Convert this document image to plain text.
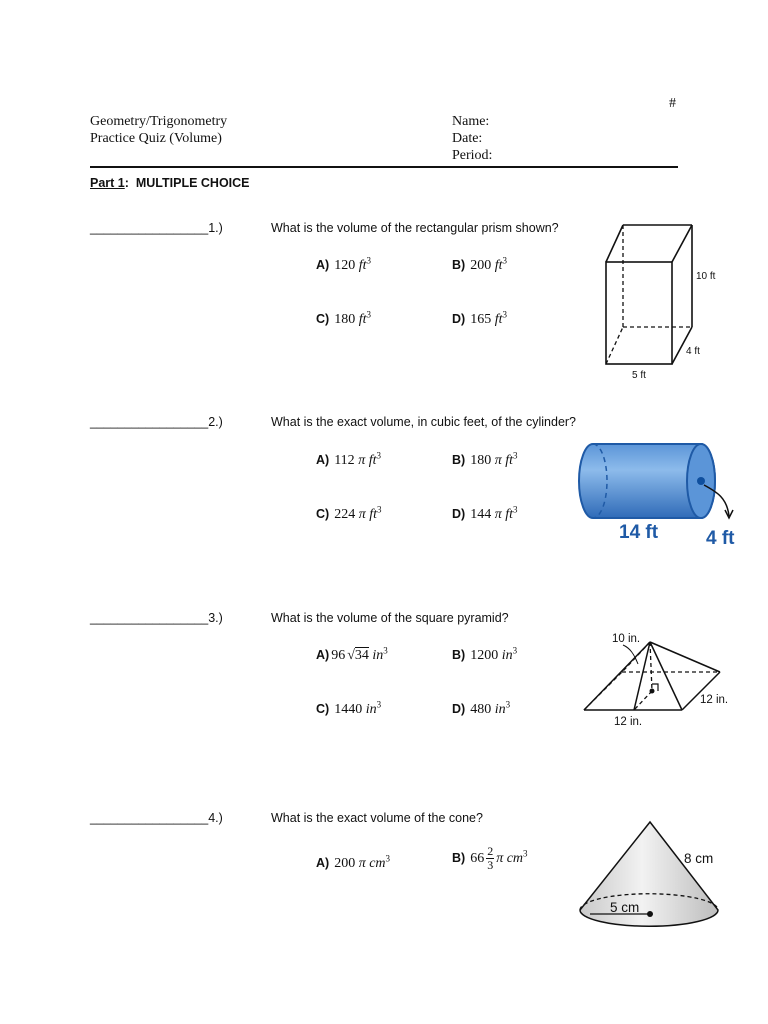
#
Geometry/Trigonometry
Practice Quiz (Volume)
Name:
Date:
Period:
Part 1:  MULTIPLE CHOICE
_________________1.)	What is the volume of the rectangular prism shown?
A) 120 $ft^3$	B) 200 $ft^3$
C) 180 $ft^3$	D) 165 $ft^3$
10 ft
4 ft
5 ft
_________________2.)	What is the exact volume, in cubic feet, of the cylinder?
A) 112 π $ft^3$	B) 180 π $ft^3$
C) 224 π $ft^3$	D) 144 π $ft^3$
14 ft	4 ft
_________________3.)	What is the volume of the square pyramid?
A) 96 √34 $in^3$	B) 1200 $in^3$
C) 1440 $in^3$	D) 480 $in^3$
10 in.
12 in.
12 in.
_________________4.)	What is the exact volume of the cone?
A) 200 π $cm^3$	B) $66 \frac{2}{3}$ π $cm^3$	8 cm
5 cm
